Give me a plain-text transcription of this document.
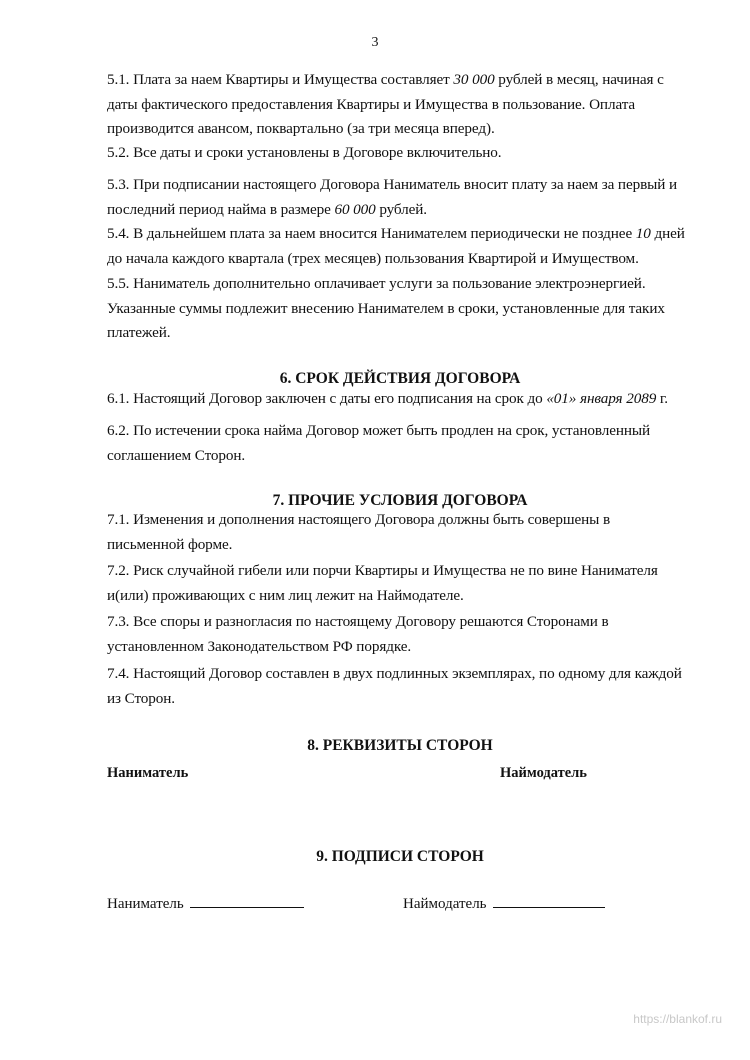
3

5.1. Плата за наем Квартиры и Имущества составляет 30 000 рублей в месяц, начиная с
даты фактического предоставления Квартиры и Имущества в пользование. Оплата
производится авансом, поквартально (за три месяца вперед).

5.2. Все даты и сроки установлены в Договоре включительно.

5.3. При подписании настоящего Договора Наниматель вносит плату за наем за первый и
последний период найма в размере 60 000 рублей.

5.4. В дальнейшем плата за наем вносится Нанимателем периодически не позднее 10 дней
до начала каждого квартала (трех месяцев) пользования Квартирой и Имуществом.

5.5. Наниматель дополнительно оплачивает услуги за пользование электроэнергией.
Указанные суммы подлежит внесению Нанимателем в сроки, установленные для таких
платежей.

6. СРОК ДЕЙСТВИЯ ДОГОВОРА

6.1. Настоящий Договор заключен с даты его подписания на срок до «01» января 2089 г.

6.2. По истечении срока найма Договор может быть продлен на срок, установленный
соглашением Сторон.

7. ПРОЧИЕ УСЛОВИЯ ДОГОВОРА

7.1. Изменения и дополнения настоящего Договора должны быть совершены в
письменной форме.

7.2. Риск случайной гибели или порчи Квартиры и Имущества не по вине Нанимателя
и(или) проживающих с ним лиц лежит на Наймодателе.

7.3. Все споры и разногласия по настоящему Договору решаются Сторонами в
установленном Законодательством РФ порядке.

7.4. Настоящий Договор составлен в двух подлинных экземплярах, по одному для каждой
из Сторон.

8. РЕКВИЗИТЫ СТОРОН
Наниматель	Наймодатель
9. ПОДПИСИ СТОРОН
Наниматель	Наймодатель
https://blankof.ru
